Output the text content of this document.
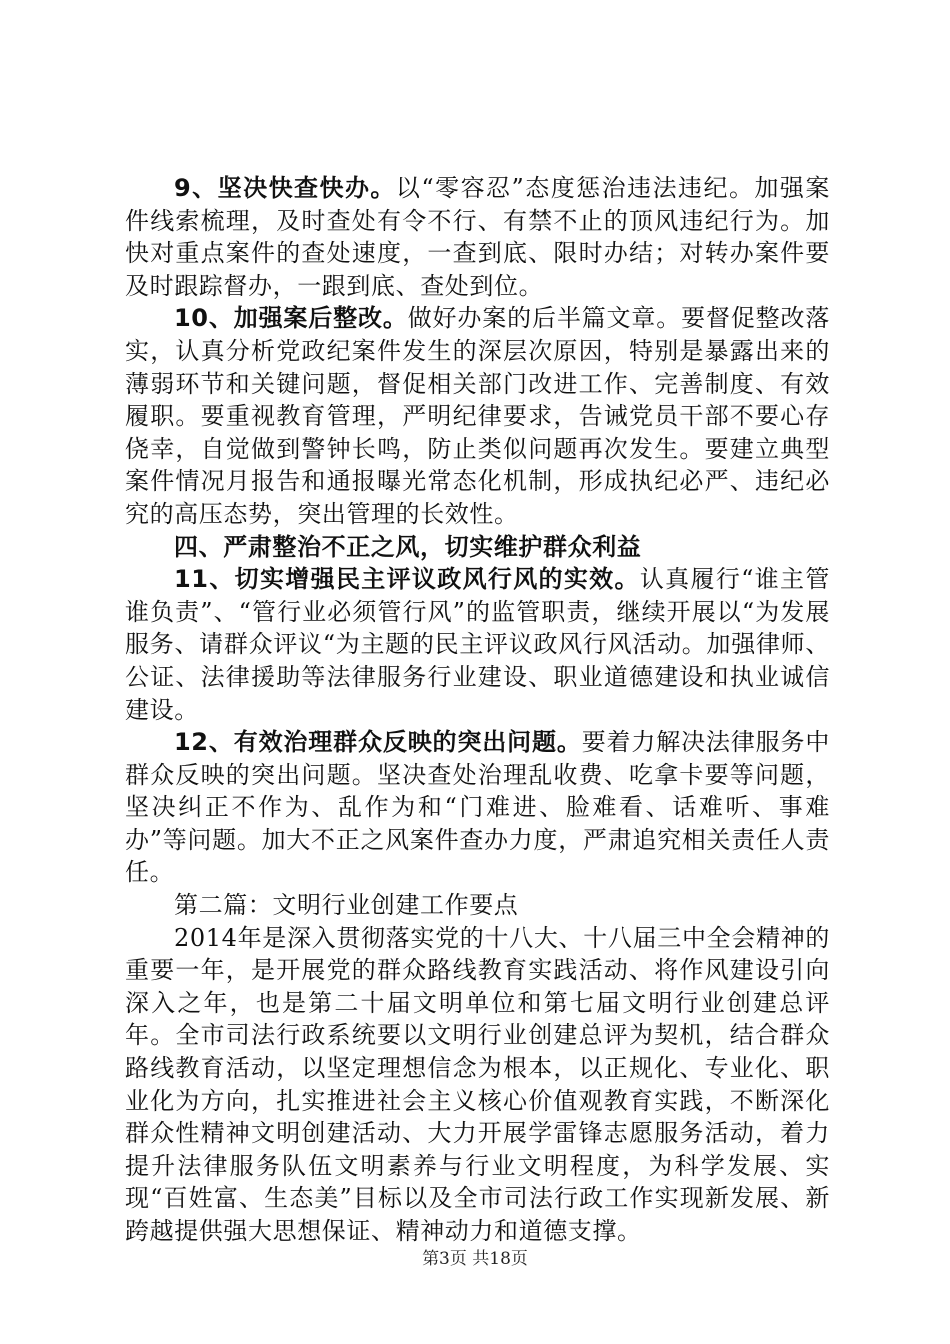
9、坚决快查快办。以“零容忍”态度惩治违法违纪。加强案件线索梳理，及时查处有令不行、有禁不止的顶风违纪行为。加快对重点案件的查处速度，一查到底、限时办结；对转办案件要及时跟踪督办，一跟到底、查处到位。

10、加强案后整改。做好办案的后半篇文章。要督促整改落实，认真分析党政纪案件发生的深层次原因，特别是暴露出来的薄弱环节和关键问题，督促相关部门改进工作、完善制度、有效履职。要重视教育管理，严明纪律要求，告诫党员干部不要心存侥幸，自觉做到警钟长鸣，防止类似问题再次发生。要建立典型案件情况月报告和通报曝光常态化机制，形成执纪必严、违纪必究的高压态势，突出管理的长效性。

四、严肃整治不正之风，切实维护群众利益

11、切实增强民主评议政风行风的实效。认真履行“谁主管谁负责”、“管行业必须管行风”的监管职责，继续开展以“为发展服务、请群众评议“为主题的民主评议政风行风活动。加强律师、公证、法律援助等法律服务行业建设、职业道德建设和执业诚信建设。

12、有效治理群众反映的突出问题。要着力解决法律服务中群众反映的突出问题。坚决查处治理乱收费、吃拿卡要等问题，坚决纠正不作为、乱作为和“门难进、脸难看、话难听、事难办”等问题。加大不正之风案件查办力度，严肃追究相关责任人责任。

第二篇：文明行业创建工作要点

2014年是深入贯彻落实党的十八大、十八届三中全会精神的重要一年，是开展党的群众路线教育实践活动、将作风建设引向深入之年，也是第二十届文明单位和第七届文明行业创建总评年。全市司法行政系统要以文明行业创建总评为契机，结合群众路线教育活动，以坚定理想信念为根本，以正规化、专业化、职业化为方向，扎实推进社会主义核心价值观教育实践，不断深化群众性精神文明创建活动、大力开展学雷锋志愿服务活动，着力提升法律服务队伍文明素养与行业文明程度，为科学发展、实现“百姓富、生态美”目标以及全市司法行政工作实现新发展、新跨越提供强大思想保证、精神动力和道德支撑。

第3页 共18页
